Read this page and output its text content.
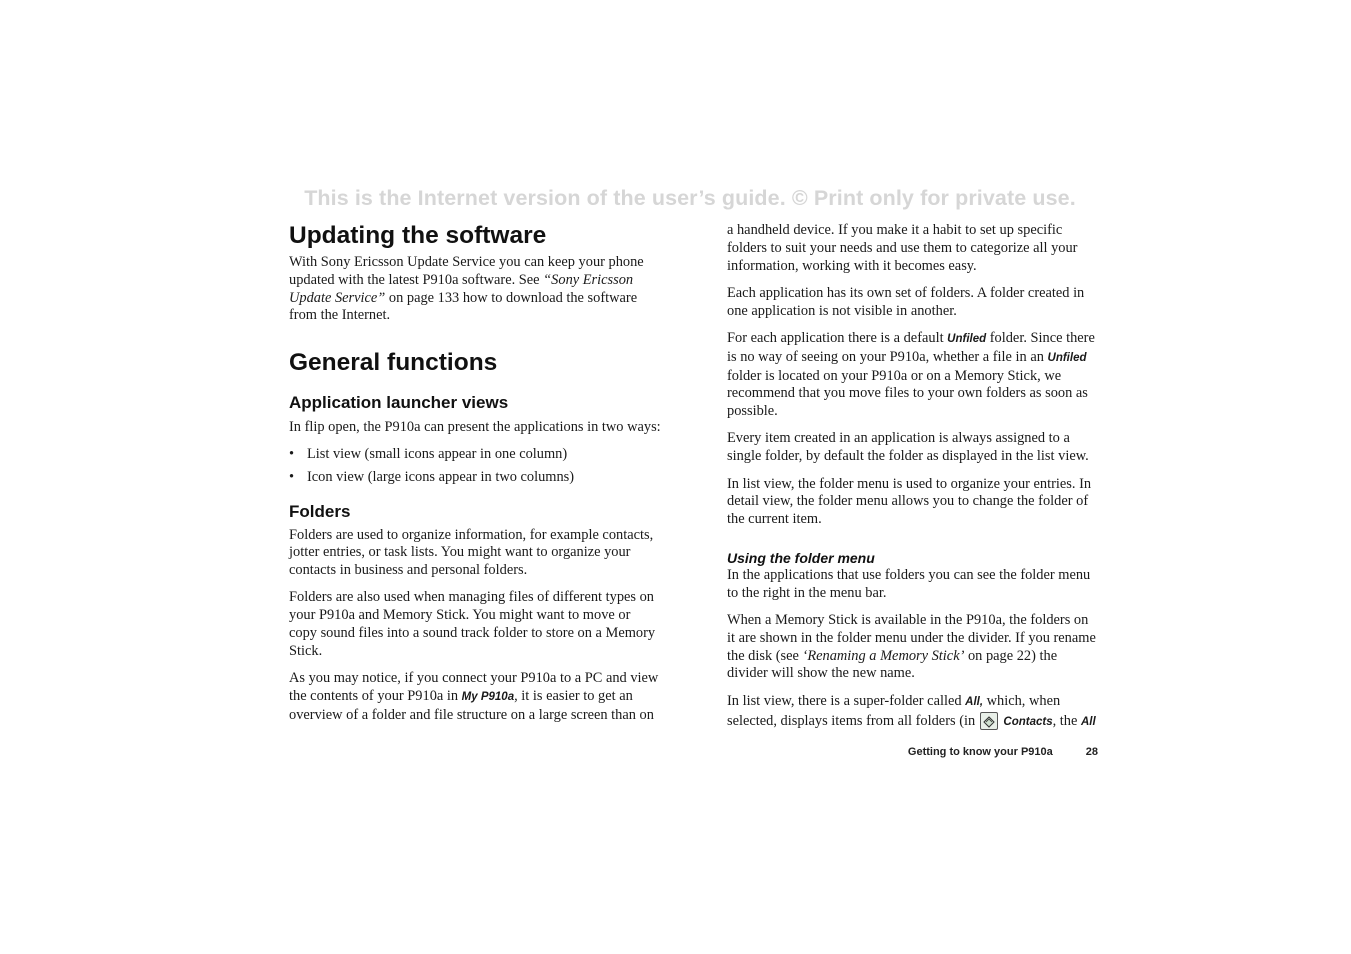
This is the Internet version of the user’s guide. © Print only for private use.
Updating the software

With Sony Ericsson Update Service you can keep your phone updated with the latest P910a software. See “Sony Ericsson Update Service” on page 133 how to download the software from the Internet.

General functions
Application launcher views

In flip open, the P910a can present the applications in two ways:

• List view (small icons appear in one column)
• Icon view (large icons appear in two columns)
Folders

Folders are used to organize information, for example contacts, jotter entries, or task lists. You might want to organize your contacts in business and personal folders.

Folders are also used when managing files of different types on your P910a and Memory Stick. You might want to move or copy sound files into a sound track folder to store on a Memory Stick.

As you may notice, if you connect your P910a to a PC and view the contents of your P910a in My P910a, it is easier to get an overview of a folder and file structure on a large screen than on

a handheld device. If you make it a habit to set up specific folders to suit your needs and use them to categorize all your information, working with it becomes easy.

Each application has its own set of folders. A folder created in one application is not visible in another.

For each application there is a default Unfiled folder. Since there is no way of seeing on your P910a, whether a file in an Unfiled folder is located on your P910a or on a Memory Stick, we recommend that you move files to your own folders as soon as possible.

Every item created in an application is always assigned to a single folder, by default the folder as displayed in the list view.

In list view, the folder menu is used to organize your entries. In detail view, the folder menu allows you to change the folder of the current item.

Using the folder menu

In the applications that use folders you can see the folder menu to the right in the menu bar.

When a Memory Stick is available in the P910a, the folders on it are shown in the folder menu under the divider. If you rename the disk (see ‘Renaming a Memory Stick’ on page 22) the divider will show the new name.

In list view, there is a super-folder called All, which, when selected, displays items from all folders (in
Contacts, the All

Getting to know your P910a	28
